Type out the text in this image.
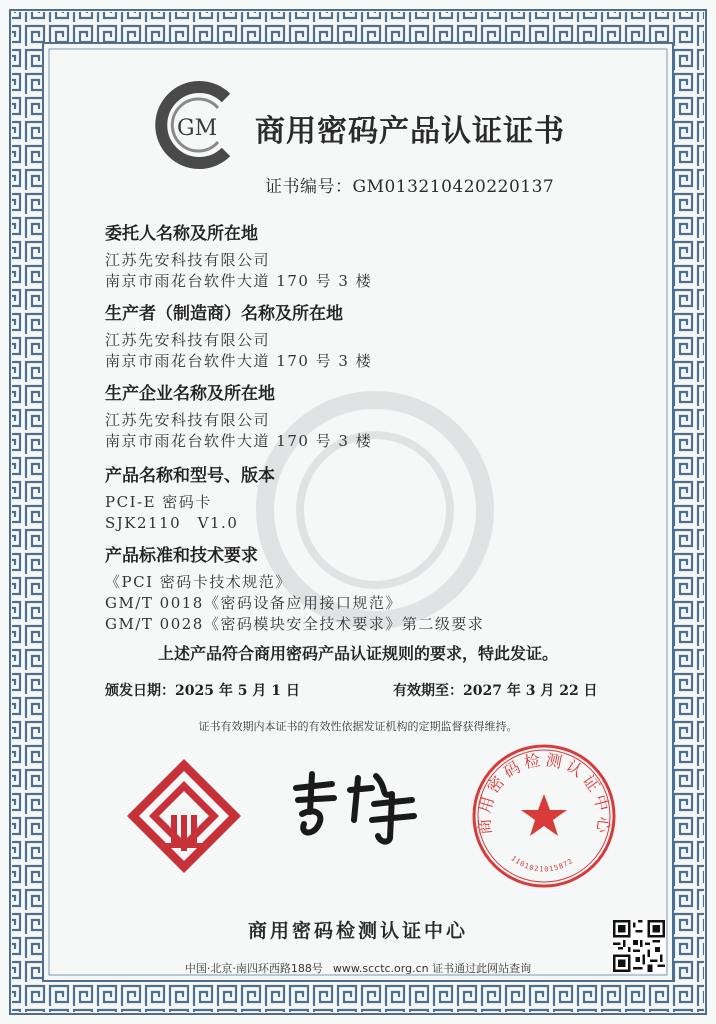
GM 商用密码产品认证证书
证书编号：GM013210420220137
委托人名称及所在地
江苏先安科技有限公司
南京市雨花台软件大道 170 号 3 楼
生产者（制造商）名称及所在地
江苏先安科技有限公司
南京市雨花台软件大道 170 号 3 楼
生产企业名称及所在地
江苏先安科技有限公司
南京市雨花台软件大道 170 号 3 楼
产品名称和型号、版本
PCI-E 密码卡
SJK2110　V1.0
产品标准和技术要求
《PCI 密码卡技术规范》
GM/T 0018《密码设备应用接口规范》
GM/T 0028《密码模块安全技术要求》第二级要求
上述产品符合商用密码产品认证规则的要求，特此发证。
颁发日期：2025 年 5 月 1 日	有效期至：2027 年 3 月 22 日
证书有效期内本证书的有效性依据发证机构的定期监督获得维持。
商用密码检测认证中心
1101021015872
商用密码检测认证中心
中国·北京·南四环西路188号 www.scctc.org.cn 证书通过此网站查询
